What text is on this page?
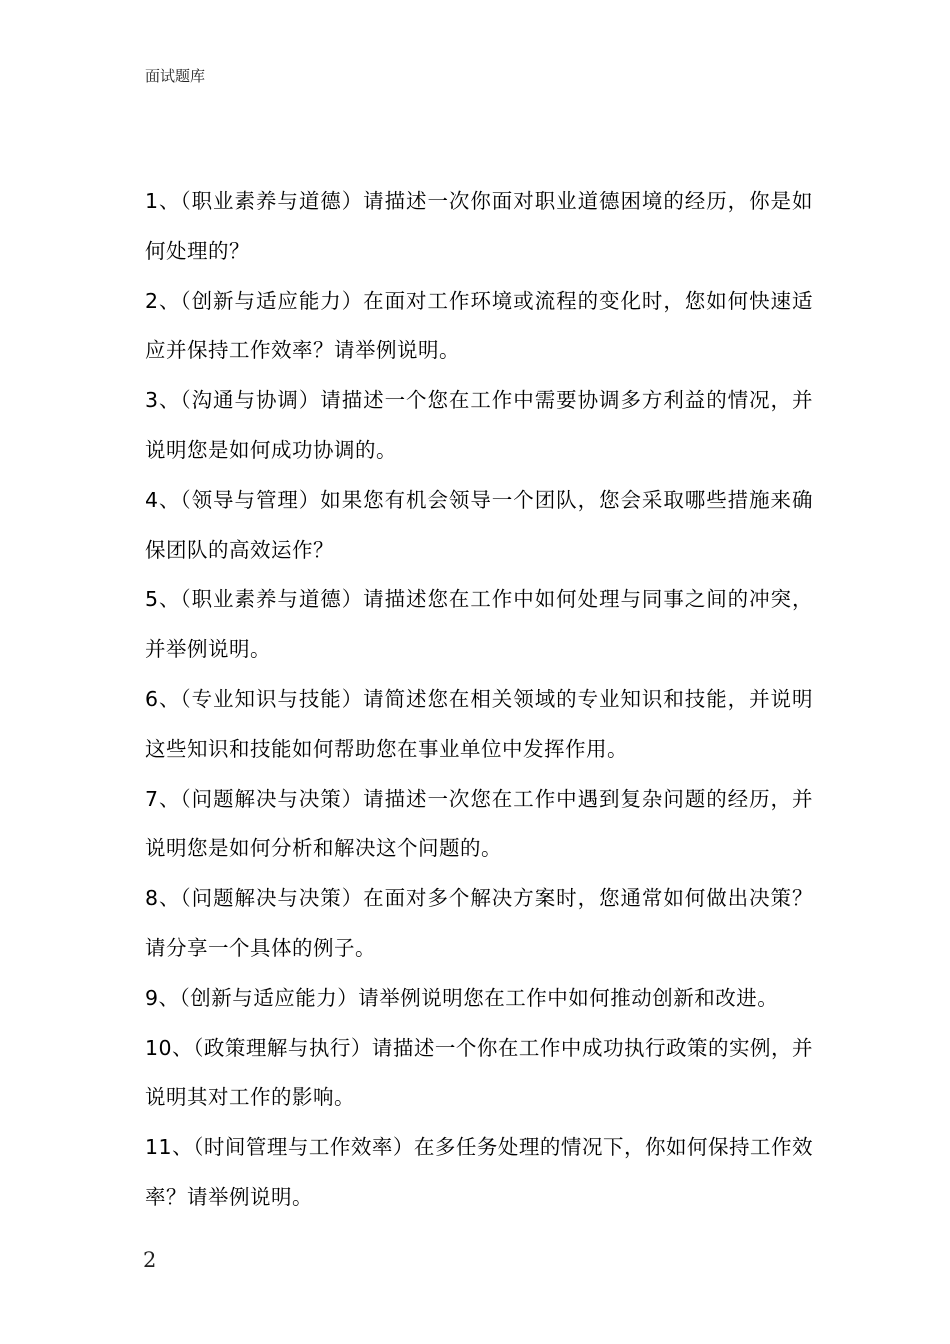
面试题库
1、（职业素养与道德）请描述一次你面对职业道德困境的经历，你是如何处理的？
2、（创新与适应能力）在面对工作环境或流程的变化时，您如何快速适应并保持工作效率？请举例说明。
3、（沟通与协调）请描述一个您在工作中需要协调多方利益的情况，并说明您是如何成功协调的。
4、（领导与管理）如果您有机会领导一个团队，您会采取哪些措施来确保团队的高效运作？
5、（职业素养与道德）请描述您在工作中如何处理与同事之间的冲突，并举例说明。
6、（专业知识与技能）请简述您在相关领域的专业知识和技能，并说明这些知识和技能如何帮助您在事业单位中发挥作用。
7、（问题解决与决策）请描述一次您在工作中遇到复杂问题的经历，并说明您是如何分析和解决这个问题的。
8、（问题解决与决策）在面对多个解决方案时，您通常如何做出决策？请分享一个具体的例子。
9、（创新与适应能力）请举例说明您在工作中如何推动创新和改进。
10、（政策理解与执行）请描述一个你在工作中成功执行政策的实例，并说明其对工作的影响。
11、（时间管理与工作效率）在多任务处理的情况下，你如何保持工作效率？请举例说明。
2
